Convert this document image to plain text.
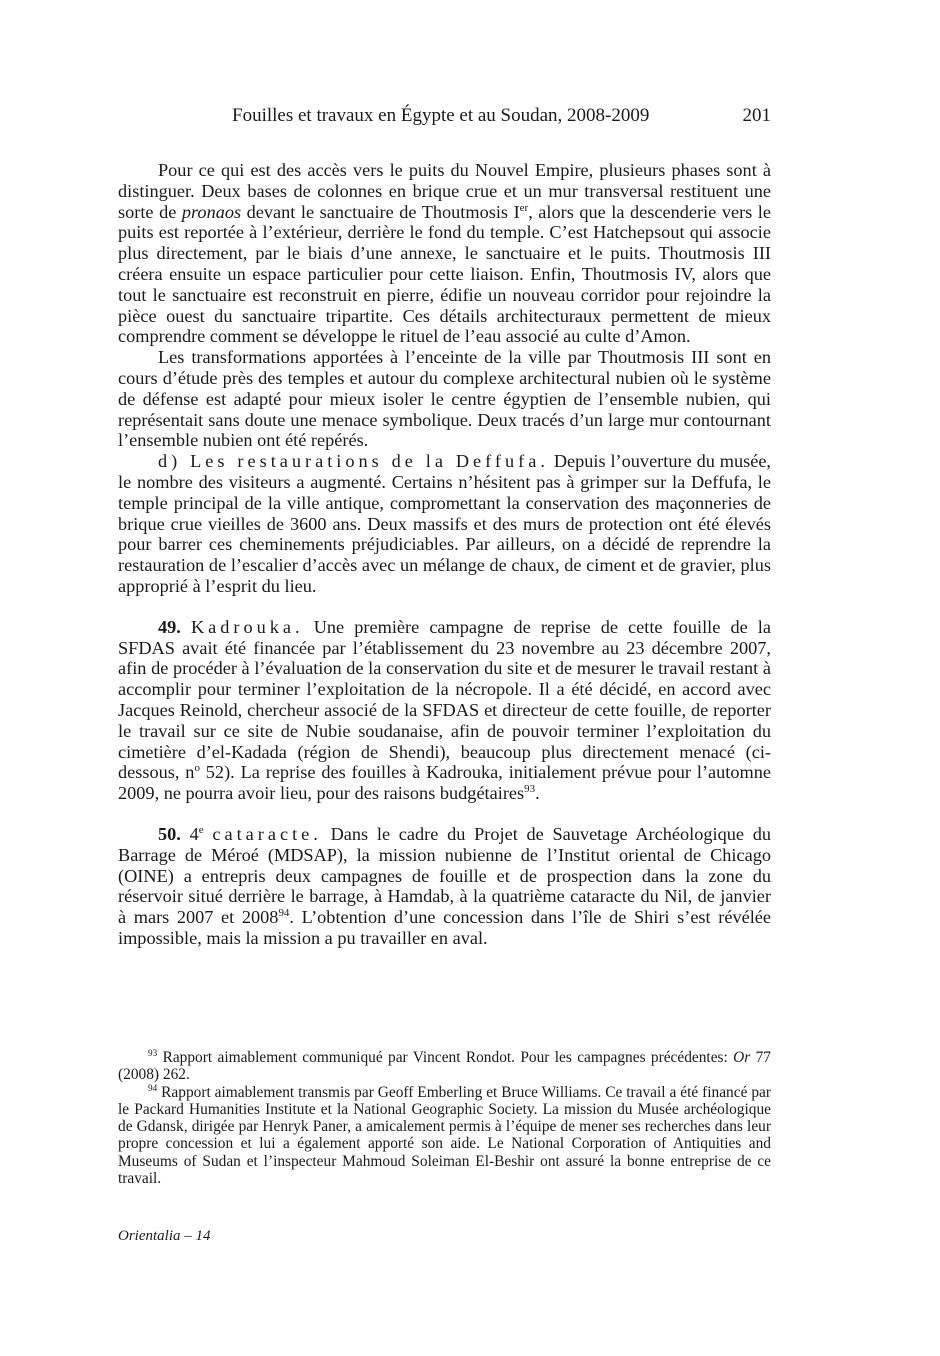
Fouilles et travaux en Égypte et au Soudan, 2008-2009	201

Pour ce qui est des accès vers le puits du Nouvel Empire, plusieurs phases sont à distinguer. Deux bases de colonnes en brique crue et un mur transversal restituent une sorte de pronaos devant le sanctuaire de Thoutmosis Ier, alors que la descenderie vers le puits est reportée à l’extérieur, derrière le fond du temple. C’est Hatchepsout qui associe plus directement, par le biais d’une annexe, le sanctuaire et le puits. Thoutmosis III créera ensuite un espace particulier pour cette liaison. Enfin, Thoutmosis IV, alors que tout le sanctuaire est reconstruit en pierre, édifie un nouveau corridor pour rejoindre la pièce ouest du sanctuaire tripartite. Ces détails architecturaux permettent de mieux comprendre comment se développe le rituel de l’eau associé au culte d’Amon.

Les transformations apportées à l’enceinte de la ville par Thoutmosis III sont en cours d’étude près des temples et autour du complexe architectural nubien où le système de défense est adapté pour mieux isoler le centre égyptien de l’ensemble nubien, qui représentait sans doute une menace symbolique. Deux tracés d’un large mur contournant l’ensemble nubien ont été repérés.

d) Les restaurations de la Deffufa. Depuis l’ouverture du musée, le nombre des visiteurs a augmenté. Certains n’hésitent pas à grimper sur la Deffufa, le temple principal de la ville antique, compromettant la conservation des maçonneries de brique crue vieilles de 3600 ans. Deux massifs et des murs de protection ont été élevés pour barrer ces cheminements préjudiciables. Par ailleurs, on a décidé de reprendre la restauration de l’escalier d’accès avec un mélange de chaux, de ciment et de gravier, plus approprié à l’esprit du lieu.

49. Kadrouka. Une première campagne de reprise de cette fouille de la SFDAS avait été financée par l’établissement du 23 novembre au 23 décembre 2007, afin de procéder à l’évaluation de la conservation du site et de mesurer le travail restant à accomplir pour terminer l’exploitation de la nécropole. Il a été décidé, en accord avec Jacques Reinold, chercheur associé de la SFDAS et directeur de cette fouille, de reporter le travail sur ce site de Nubie soudanaise, afin de pouvoir terminer l’exploitation du cimetière d’el-Kadada (région de Shendi), beaucoup plus directement menacé (ci-dessous, $n^o$ 52). La reprise des fouilles à Kadrouka, initialement prévue pour l’automne 2009, ne pourra avoir lieu, pour des raisons budgétaires$^{93}$.

50. 4e cataracte. Dans le cadre du Projet de Sauvetage Archéologique du Barrage de Méroé (MDSAP), la mission nubienne de l’Institut oriental de Chicago (OINE) a entrepris deux campagnes de fouille et de prospection dans la zone du réservoir situé derrière le barrage, à Hamdab, à la quatrième cataracte du Nil, de janvier à mars 2007 et 2008$^{94}$. L’obtention d’une concession dans l’île de Shiri s’est révélée impossible, mais la mission a pu travailler en aval.

$^{93}$ Rapport aimablement communiqué par Vincent Rondot. Pour les campagnes précédentes: Or 77 (2008) 262.

$^{94}$ Rapport aimablement transmis par Geoff Emberling et Bruce Williams. Ce travail a été financé par le Packard Humanities Institute et la National Geographic Society. La mission du Musée archéologique de Gdansk, dirigée par Henryk Paner, a amicalement permis à l’équipe de mener ses recherches dans leur propre concession et lui a également apporté son aide. Le National Corporation of Antiquities and Museums of Sudan et l’inspecteur Mahmoud Soleiman El-Beshir ont assuré la bonne entreprise de ce travail.

Orientalia – 14
